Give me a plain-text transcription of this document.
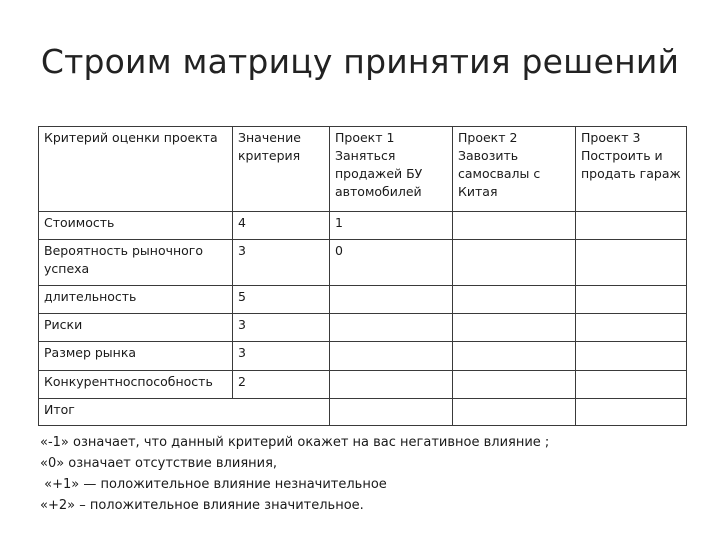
Строим матрицу принятия решений
Критерий оценки проекта	Значение критерия	Проект 1 Заняться продажей БУ автомобилей	Проект 2 Завозить самосвалы с Китая	Проект 3 Построить и продать гараж
Стоимость	4	1		
Вероятность рыночного успеха	3	0		
длительность	5			
Риски	3			
Размер рынка	3			
Конкурентноспособность	2			
Итог				
«-1» означает, что данный критерий окажет на вас негативное влияние ;
«0» означает отсутствие влияния,
«+1» — положительное влияние незначительное
«+2» – положительное влияние значительное.
